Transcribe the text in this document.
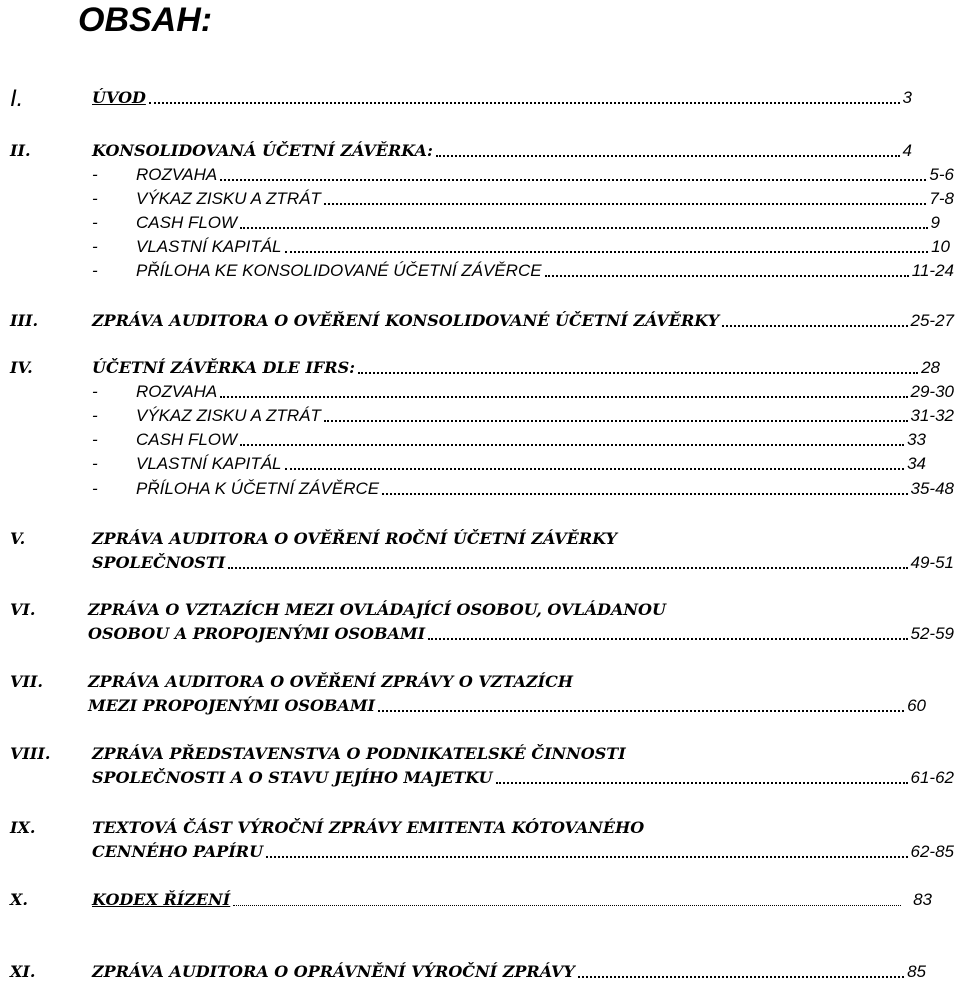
OBSAH:
I.	ÚVOD	3
II.	KONSOLIDOVANÁ ÚČETNÍ ZÁVĚRKA:	4
- ROZVAHA	5-6
- VÝKAZ ZISKU A ZTRÁT	7-8
- CASH FLOW	9
- VLASTNÍ KAPITÁL	10
- PŘÍLOHA KE KONSOLIDOVANÉ ÚČETNÍ ZÁVĚRCE	11-24
III.	ZPRÁVA AUDITORA O OVĚŘENÍ KONSOLIDOVANÉ ÚČETNÍ ZÁVĚRKY	25-27
IV.	ÚČETNÍ ZÁVĚRKA DLE IFRS:	28
- ROZVAHA	29-30
- VÝKAZ ZISKU A ZTRÁT	31-32
- CASH FLOW	33
- VLASTNÍ KAPITÁL	34
- PŘÍLOHA K ÚČETNÍ ZÁVĚRCE	35-48
V.	ZPRÁVA AUDITORA O OVĚŘENÍ ROČNÍ ÚČETNÍ ZÁVĚRKY
SPOLEČNOSTI	49-51
VI.	ZPRÁVA O VZTAZÍCH MEZI OVLÁDAJÍCÍ OSOBOU, OVLÁDANOU
OSOBOU A PROPOJENÝMI OSOBAMI	52-59
VII.	ZPRÁVA AUDITORA O OVĚŘENÍ ZPRÁVY O VZTAZÍCH
MEZI PROPOJENÝMI OSOBAMI	60
VIII.	ZPRÁVA PŘEDSTAVENSTVA O PODNIKATELSKÉ ČINNOSTI
SPOLEČNOSTI A O STAVU JEJÍHO MAJETKU	61-62
IX.	TEXTOVÁ ČÁST VÝROČNÍ ZPRÁVY EMITENTA KÓTOVANÉHO
CENNÉHO PAPÍRU	62-85
X.	KODEX ŘÍZENÍ	83
XI.	ZPRÁVA AUDITORA O OPRÁVNĚNÍ VÝROČNÍ ZPRÁVY	85
